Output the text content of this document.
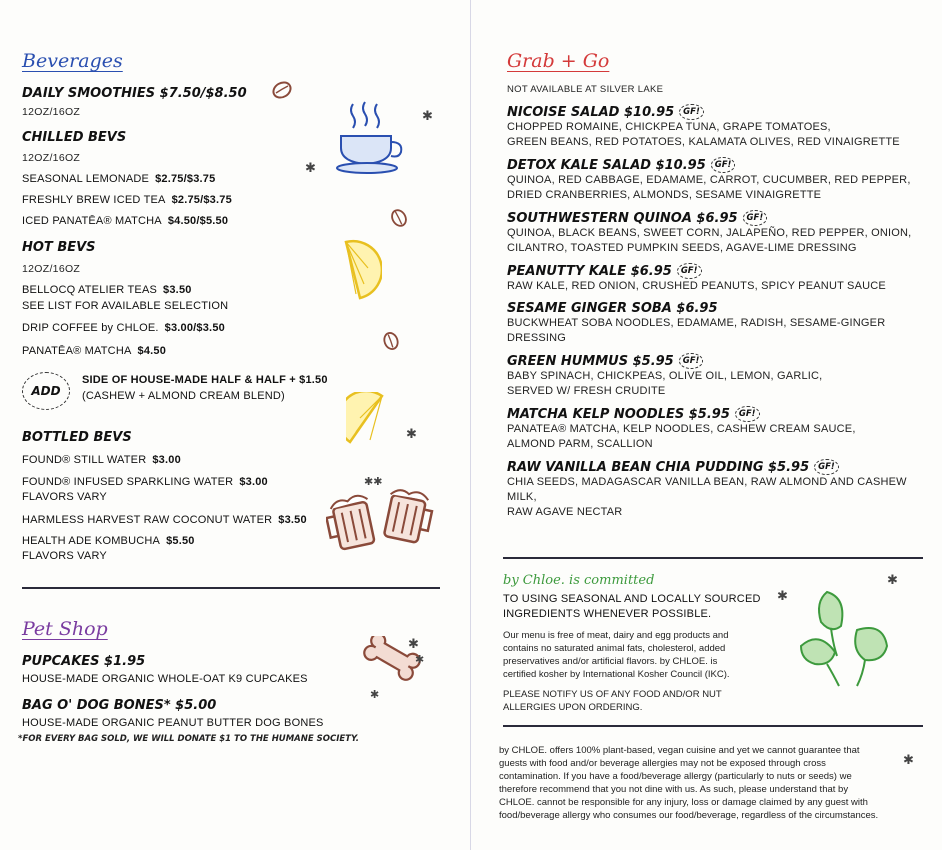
Beverages
DAILY SMOOTHIES $7.50/$8.50
12OZ/16OZ
CHILLED BEVS
12OZ/16OZ
SEASONAL LEMONADE $2.75/$3.75
FRESHLY BREW ICED TEA $2.75/$3.75
ICED PANATĒA® MATCHA $4.50/$5.50
HOT BEVS
12OZ/16OZ
BELLOCQ ATELIER TEAS $3.50
SEE LIST FOR AVAILABLE SELECTION
DRIP COFFEE by CHLOE. $3.00/$3.50
PANATĒA® MATCHA $4.50
ADD
SIDE OF HOUSE-MADE HALF & HALF + $1.50
(CASHEW + ALMOND CREAM BLEND)
BOTTLED BEVS
FOUND® STILL WATER $3.00
FOUND® INFUSED SPARKLING WATER $3.00
FLAVORS VARY
HARMLESS HARVEST RAW COCONUT WATER $3.50
HEALTH ADE KOMBUCHA $5.50
FLAVORS VARY
Pet Shop
PUPCAKES $1.95
HOUSE-MADE ORGANIC WHOLE-OAT K9 CUPCAKES
BAG O' DOG BONES* $5.00
HOUSE-MADE ORGANIC PEANUT BUTTER DOG BONES
*FOR EVERY BAG SOLD, WE WILL DONATE $1 TO THE HUMANE SOCIETY.
✱
✱
✱
✱✱
✱
✱
✱
Grab + Go
NOT AVAILABLE AT SILVER LAKE
NICOISE SALAD $10.95 GF!
CHOPPED ROMAINE, CHICKPEA TUNA, GRAPE TOMATOES,
GREEN BEANS, RED POTATOES, KALAMATA OLIVES, RED VINAIGRETTE
DETOX KALE SALAD $10.95 GF!
QUINOA, RED CABBAGE, EDAMAME, CARROT, CUCUMBER, RED PEPPER,
DRIED CRANBERRIES, ALMONDS, SESAME VINAIGRETTE
SOUTHWESTERN QUINOA $6.95 GF!
QUINOA, BLACK BEANS, SWEET CORN, JALAPEÑO, RED PEPPER, ONION,
CILANTRO, TOASTED PUMPKIN SEEDS, AGAVE-LIME DRESSING
PEANUTTY KALE $6.95 GF!
RAW KALE, RED ONION, CRUSHED PEANUTS, SPICY PEANUT SAUCE
SESAME GINGER SOBA $6.95
BUCKWHEAT SOBA NOODLES, EDAMAME, RADISH, SESAME-GINGER DRESSING
GREEN HUMMUS $5.95 GF!
BABY SPINACH, CHICKPEAS, OLIVE OIL, LEMON, GARLIC,
SERVED W/ FRESH CRUDITE
MATCHA KELP NOODLES $5.95 GF!
PANATEA® MATCHA, KELP NOODLES, CASHEW CREAM SAUCE,
ALMOND PARM, SCALLION
RAW VANILLA BEAN CHIA PUDDING $5.95 GF!
CHIA SEEDS, MADAGASCAR VANILLA BEAN, RAW ALMOND AND CASHEW MILK,
RAW AGAVE NECTAR
by Chloe. is committed
TO USING SEASONAL AND LOCALLY SOURCED
INGREDIENTS WHENEVER POSSIBLE.
Our menu is free of meat, dairy and egg products and
contains no saturated animal fats, cholesterol, added
preservatives and/or artificial flavors. by CHLOE. is
certified kosher by International Kosher Council (IKC).
PLEASE NOTIFY US OF ANY FOOD AND/OR NUT
ALLERGIES UPON ORDERING.
✱
✱
by CHLOE. offers 100% plant-based, vegan cuisine and yet we cannot guarantee that
guests with food and/or beverage allergies may not be exposed through cross
contamination. If you have a food/beverage allergy (particularly to nuts or seeds) we
therefore recommend that you not dine with us. As such, please understand that by
CHLOE. cannot be responsible for any injury, loss or damage claimed by any guest with
food/beverage allergy who consumes our food/beverage, regardless of the circumstances.
✱
